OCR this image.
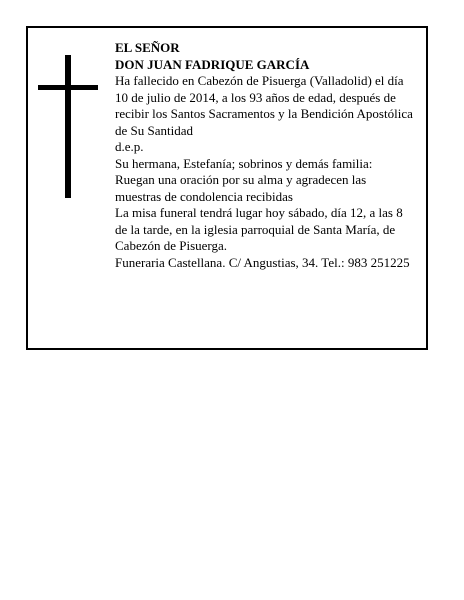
EL SEÑOR

DON JUAN FADRIQUE GARCÍA

Ha fallecido en Cabezón de Pisuerga (Valladolid) el día 10 de julio de 2014, a los 93 años de edad, después de recibir los Santos Sacramentos y la Bendición Apostólica de Su Santidad

d.e.p.

Su hermana, Estefanía; sobrinos y demás familia:

Ruegan una oración por su alma y agradecen las muestras de condolencia recibidas

La misa funeral tendrá lugar hoy sábado, día 12, a las 8 de la tarde, en la iglesia parroquial de Santa María, de Cabezón de Pisuerga.

Funeraria Castellana. C/ Angustias, 34. Tel.: 983 251225
